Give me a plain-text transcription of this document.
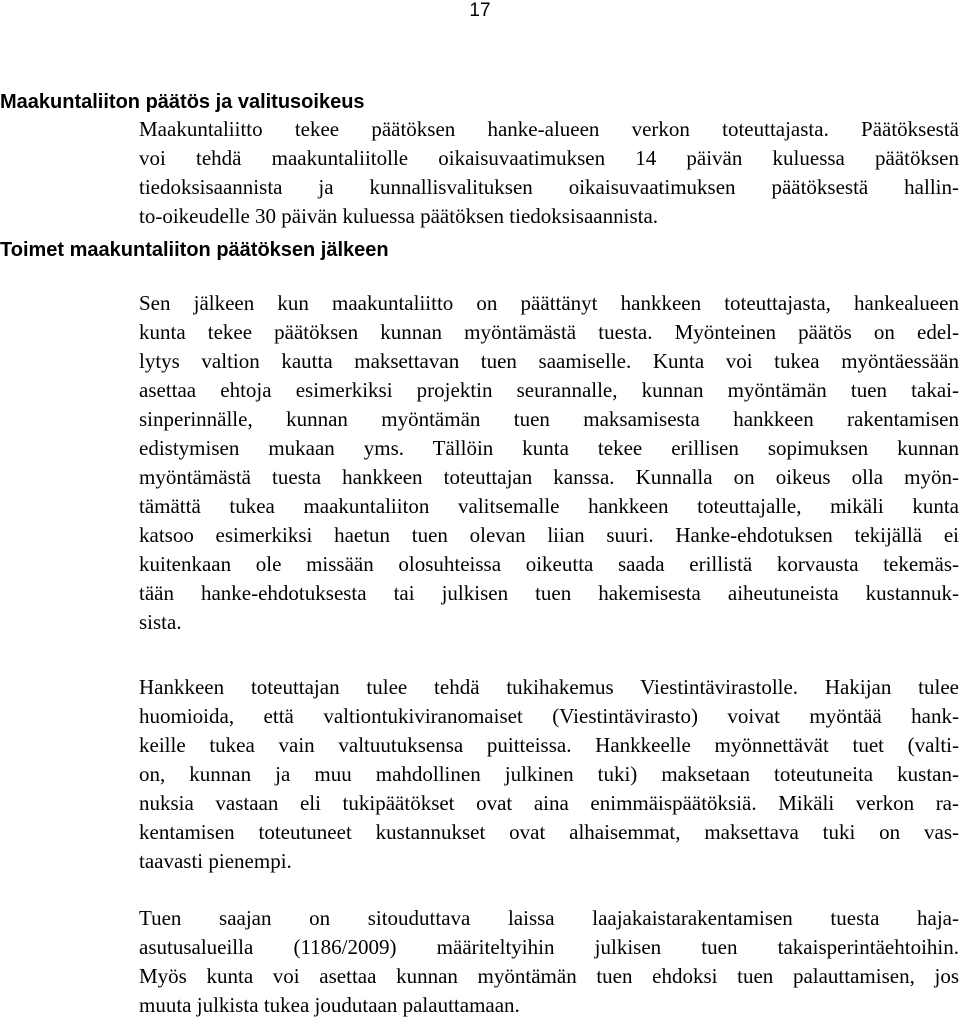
17
Maakuntaliiton päätös ja valitusoikeus
Maakuntaliitto tekee päätöksen hanke-alueen verkon toteuttajasta. Päätöksestä
voi tehdä maakuntaliitolle oikaisuvaatimuksen 14 päivän kuluessa päätöksen
tiedoksisaannista ja kunnallisvalituksen oikaisuvaatimuksen päätöksestä hallin-
to-oikeudelle 30 päivän kuluessa päätöksen tiedoksisaannista.
Toimet maakuntaliiton päätöksen jälkeen
Sen jälkeen kun maakuntaliitto on päättänyt hankkeen toteuttajasta, hankealueen
kunta tekee päätöksen kunnan myöntämästä tuesta. Myönteinen päätös on edel-
lytys valtion kautta maksettavan tuen saamiselle. Kunta voi tukea myöntäessään
asettaa ehtoja esimerkiksi projektin seurannalle, kunnan myöntämän tuen takai-
sinperinnälle, kunnan myöntämän tuen maksamisesta hankkeen rakentamisen
edistymisen mukaan yms. Tällöin kunta tekee erillisen sopimuksen kunnan
myöntämästä tuesta hankkeen toteuttajan kanssa. Kunnalla on oikeus olla myön-
tämättä tukea maakuntaliiton valitsemalle hankkeen toteuttajalle, mikäli kunta
katsoo esimerkiksi haetun tuen olevan liian suuri. Hanke-ehdotuksen tekijällä ei
kuitenkaan ole missään olosuhteissa oikeutta saada erillistä korvausta tekemäs-
tään hanke-ehdotuksesta tai julkisen tuen hakemisesta aiheutuneista kustannuk-
sista.
Hankkeen toteuttajan tulee tehdä tukihakemus Viestintävirastolle. Hakijan tulee
huomioida, että valtiontukiviranomaiset (Viestintävirasto) voivat myöntää hank-
keille tukea vain valtuutuksensa puitteissa. Hankkeelle myönnettävät tuet (valti-
on, kunnan ja muu mahdollinen julkinen tuki) maksetaan toteutuneita kustan-
nuksia vastaan eli tukipäätökset ovat aina enimmäispäätöksiä. Mikäli verkon ra-
kentamisen toteutuneet kustannukset ovat alhaisemmat, maksettava tuki on vas-
taavasti pienempi.
Tuen saajan on sitouduttava laissa laajakaistarakentamisen tuesta haja-
asutusalueilla (1186/2009) määriteltyihin julkisen tuen takaisperintäehtoihin.
Myös kunta voi asettaa kunnan myöntämän tuen ehdoksi tuen palauttamisen, jos
muuta julkista tukea joudutaan palauttamaan.
